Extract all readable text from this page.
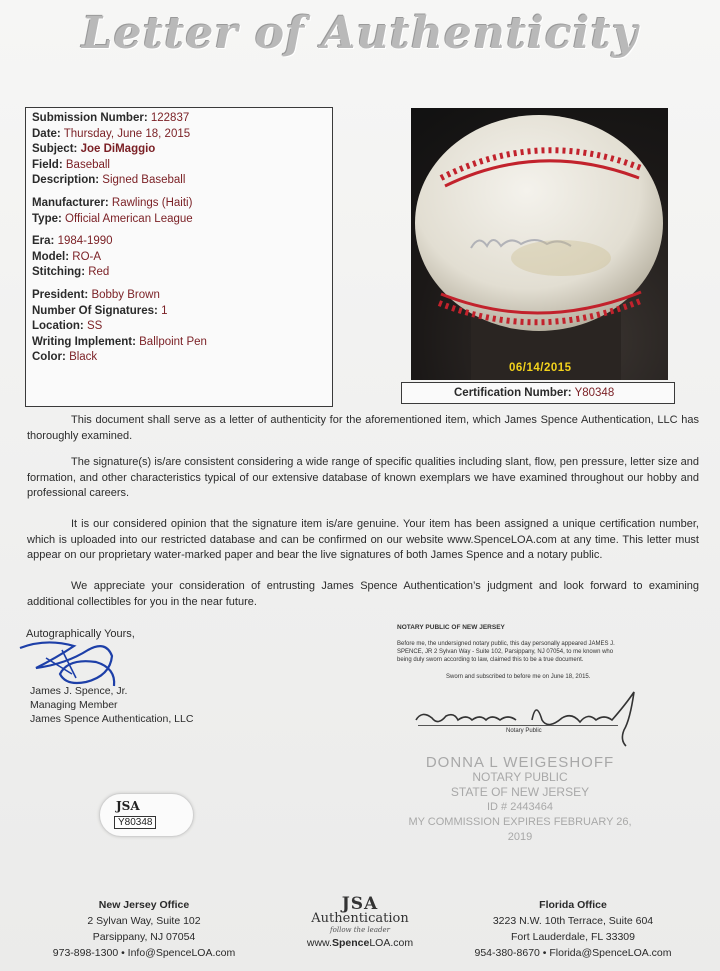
Letter of Authenticity
Submission Number: 122837
Date: Thursday, June 18, 2015
Subject: Joe DiMaggio
Field: Baseball
Description: Signed Baseball
Manufacturer: Rawlings (Haiti)
Type: Official American League
Era: 1984-1990
Model: RO-A
Stitching: Red
President: Bobby Brown
Number Of Signatures: 1
Location: SS
Writing Implement: Ballpoint Pen
Color: Black
06/14/2015
Certification Number: Y80348
This document shall serve as a letter of authenticity for the aforementioned item, which James Spence Authentication, LLC has thoroughly examined.
The signature(s) is/are consistent considering a wide range of specific qualities including slant, flow, pen pressure, letter size and formation, and other characteristics typical of our extensive database of known exemplars we have examined throughout our hobby and professional careers.
It is our considered opinion that the signature item is/are genuine. Your item has been assigned a unique certification number, which is uploaded into our restricted database and can be confirmed on our website www.SpenceLOA.com at any time. This letter must appear on our proprietary water-marked paper and bear the live signatures of both James Spence and a notary public.
We appreciate your consideration of entrusting James Spence Authentication’s judgment and look forward to examining additional collectibles for you in the near future.
Autographically Yours,
James J. Spence, Jr.
Managing Member
James Spence Authentication, LLC
JSA
Y80348
NOTARY PUBLIC OF NEW JERSEY
Before me, the undersigned notary public, this day personally appeared JAMES J. SPENCE, JR 2 Sylvan Way - Suite 102, Parsippany, NJ 07054, to me known who being duly sworn according to law, claimed this to be a true document.
Sworn and subscribed to before me on June 18, 2015.
Notary Public
DONNA L WEIGESHOFF
NOTARY PUBLIC
STATE OF NEW JERSEY
ID # 2443464
MY COMMISSION EXPIRES FEBRUARY 26, 2019
New Jersey Office
2 Sylvan Way, Suite 102
Parsippany, NJ 07054
973-898-1300 • Info@SpenceLOA.com
JSA
Authentication
follow the leader
www.SpenceLOA.com
Florida Office
3223 N.W. 10th Terrace, Suite 604
Fort Lauderdale, FL 33309
954-380-8670 • Florida@SpenceLOA.com
